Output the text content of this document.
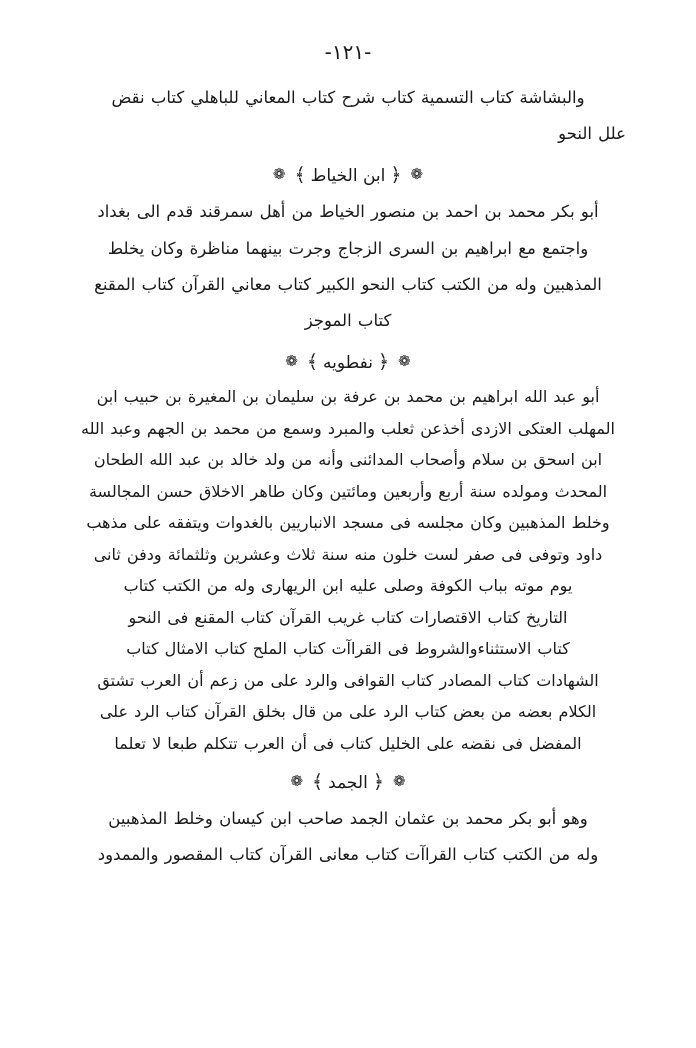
-١٢١-

والبشاشة كتاب التسمية كتاب شرح كتاب المعاني للباهلي كتاب نقض

علل النحو

❁﴿ابن الخياط﴾❁

أبو بكر محمد بن احمد بن منصور الخياط من أهل سمرقند قدم الى بغداد

واجتمع مع ابراهيم بن السرى الزجاج وجرت بينهما مناظرة وكان يخلط

المذهبين وله من الكتب كتاب النحو الكبير كتاب معاني القرآن كتاب المقنع

كتاب الموجز

❁﴿نفطويه﴾❁

أبو عبد الله ابراهيم بن محمد بن عرفة بن سليمان بن المغيرة بن حبيب ابن

المهلب العتكى الازدى أخذعن ثعلب والمبرد وسمع من محمد بن الجهم وعبد الله

ابن اسحق بن سلام وأصحاب المدائنى وأنه من ولد خالد بن عبد الله الطحان

المحدث ومولده سنة أربع وأربعين ومائتين وكان طاهر الاخلاق حسن المجالسة

وخلط المذهبين وكان مجلسه فى مسجد الانباريين بالغدوات ويتفقه على مذهب

داود وتوفى فى صفر لست خلون منه سنة ثلاث وعشرين وثلثمائة ودفن ثانى

يوم موته بباب الكوفة وصلى عليه ابن الريهارى وله من الكتب كتاب

التاريخ كتاب الاقتصارات كتاب غريب القرآن كتاب المقنع فى النحو

كتاب الاستثناءوالشروط فى القراآت كتاب الملح كتاب الامثال كتاب

الشهادات كتاب المصادر كتاب القوافى والرد على من زعم أن العرب تشتق

الكلام بعضه من بعض كتاب الرد على من قال بخلق القرآن كتاب الرد على

المفضل فى نقضه على الخليل كتاب فى أن العرب تتكلم طبعا لا تعلما

❁﴿الجمد﴾❁

وهو أبو بكر محمد بن عثمان الجمد صاحب ابن كيسان وخلط المذهبين

وله من الكتب كتاب القراآت كتاب معانى القرآن كتاب المقصور والممدود
